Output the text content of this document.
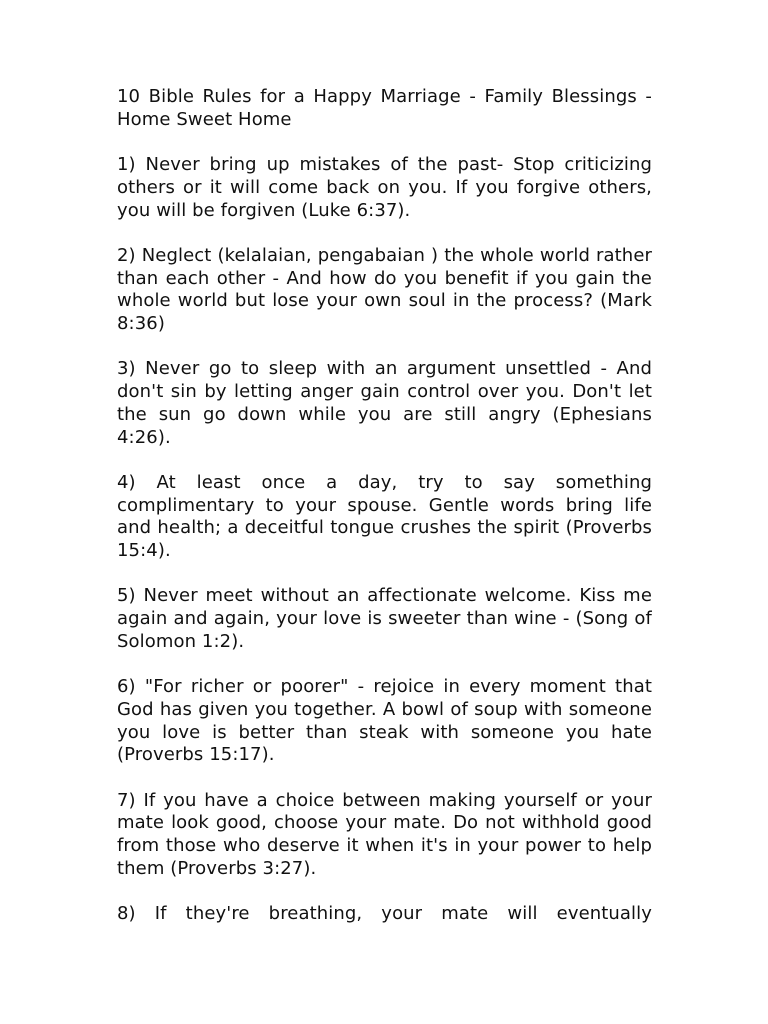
10 Bible Rules for a Happy Marriage - Family Blessings - Home Sweet Home

1) Never bring up mistakes of the past- Stop criticizing others or it will come back on you. If you forgive others, you will be forgiven (Luke 6:37).

2) Neglect (kelalaian, pengabaian ) the whole world rather than each other - And how do you benefit if you gain the whole world but lose your own soul in the process? (Mark 8:36)

3) Never go to sleep with an argument unsettled - And don't sin by letting anger gain control over you. Don't let the sun go down while you are still angry (Ephesians 4:26).

4) At least once a day, try to say something complimentary to your spouse. Gentle words bring life and health; a deceitful tongue crushes the spirit (Proverbs 15:4).

5) Never meet without an affectionate welcome. Kiss me again and again, your love is sweeter than wine - (Song of Solomon 1:2).

6) "For richer or poorer" - rejoice in every moment that God has given you together. A bowl of soup with someone you love is better than steak with someone you hate (Proverbs 15:17).

7) If you have a choice between making yourself or your mate look good, choose your mate. Do not withhold good from those who deserve it when it's in your power to help them (Proverbs 3:27).

8) If they're breathing, your mate will eventually
